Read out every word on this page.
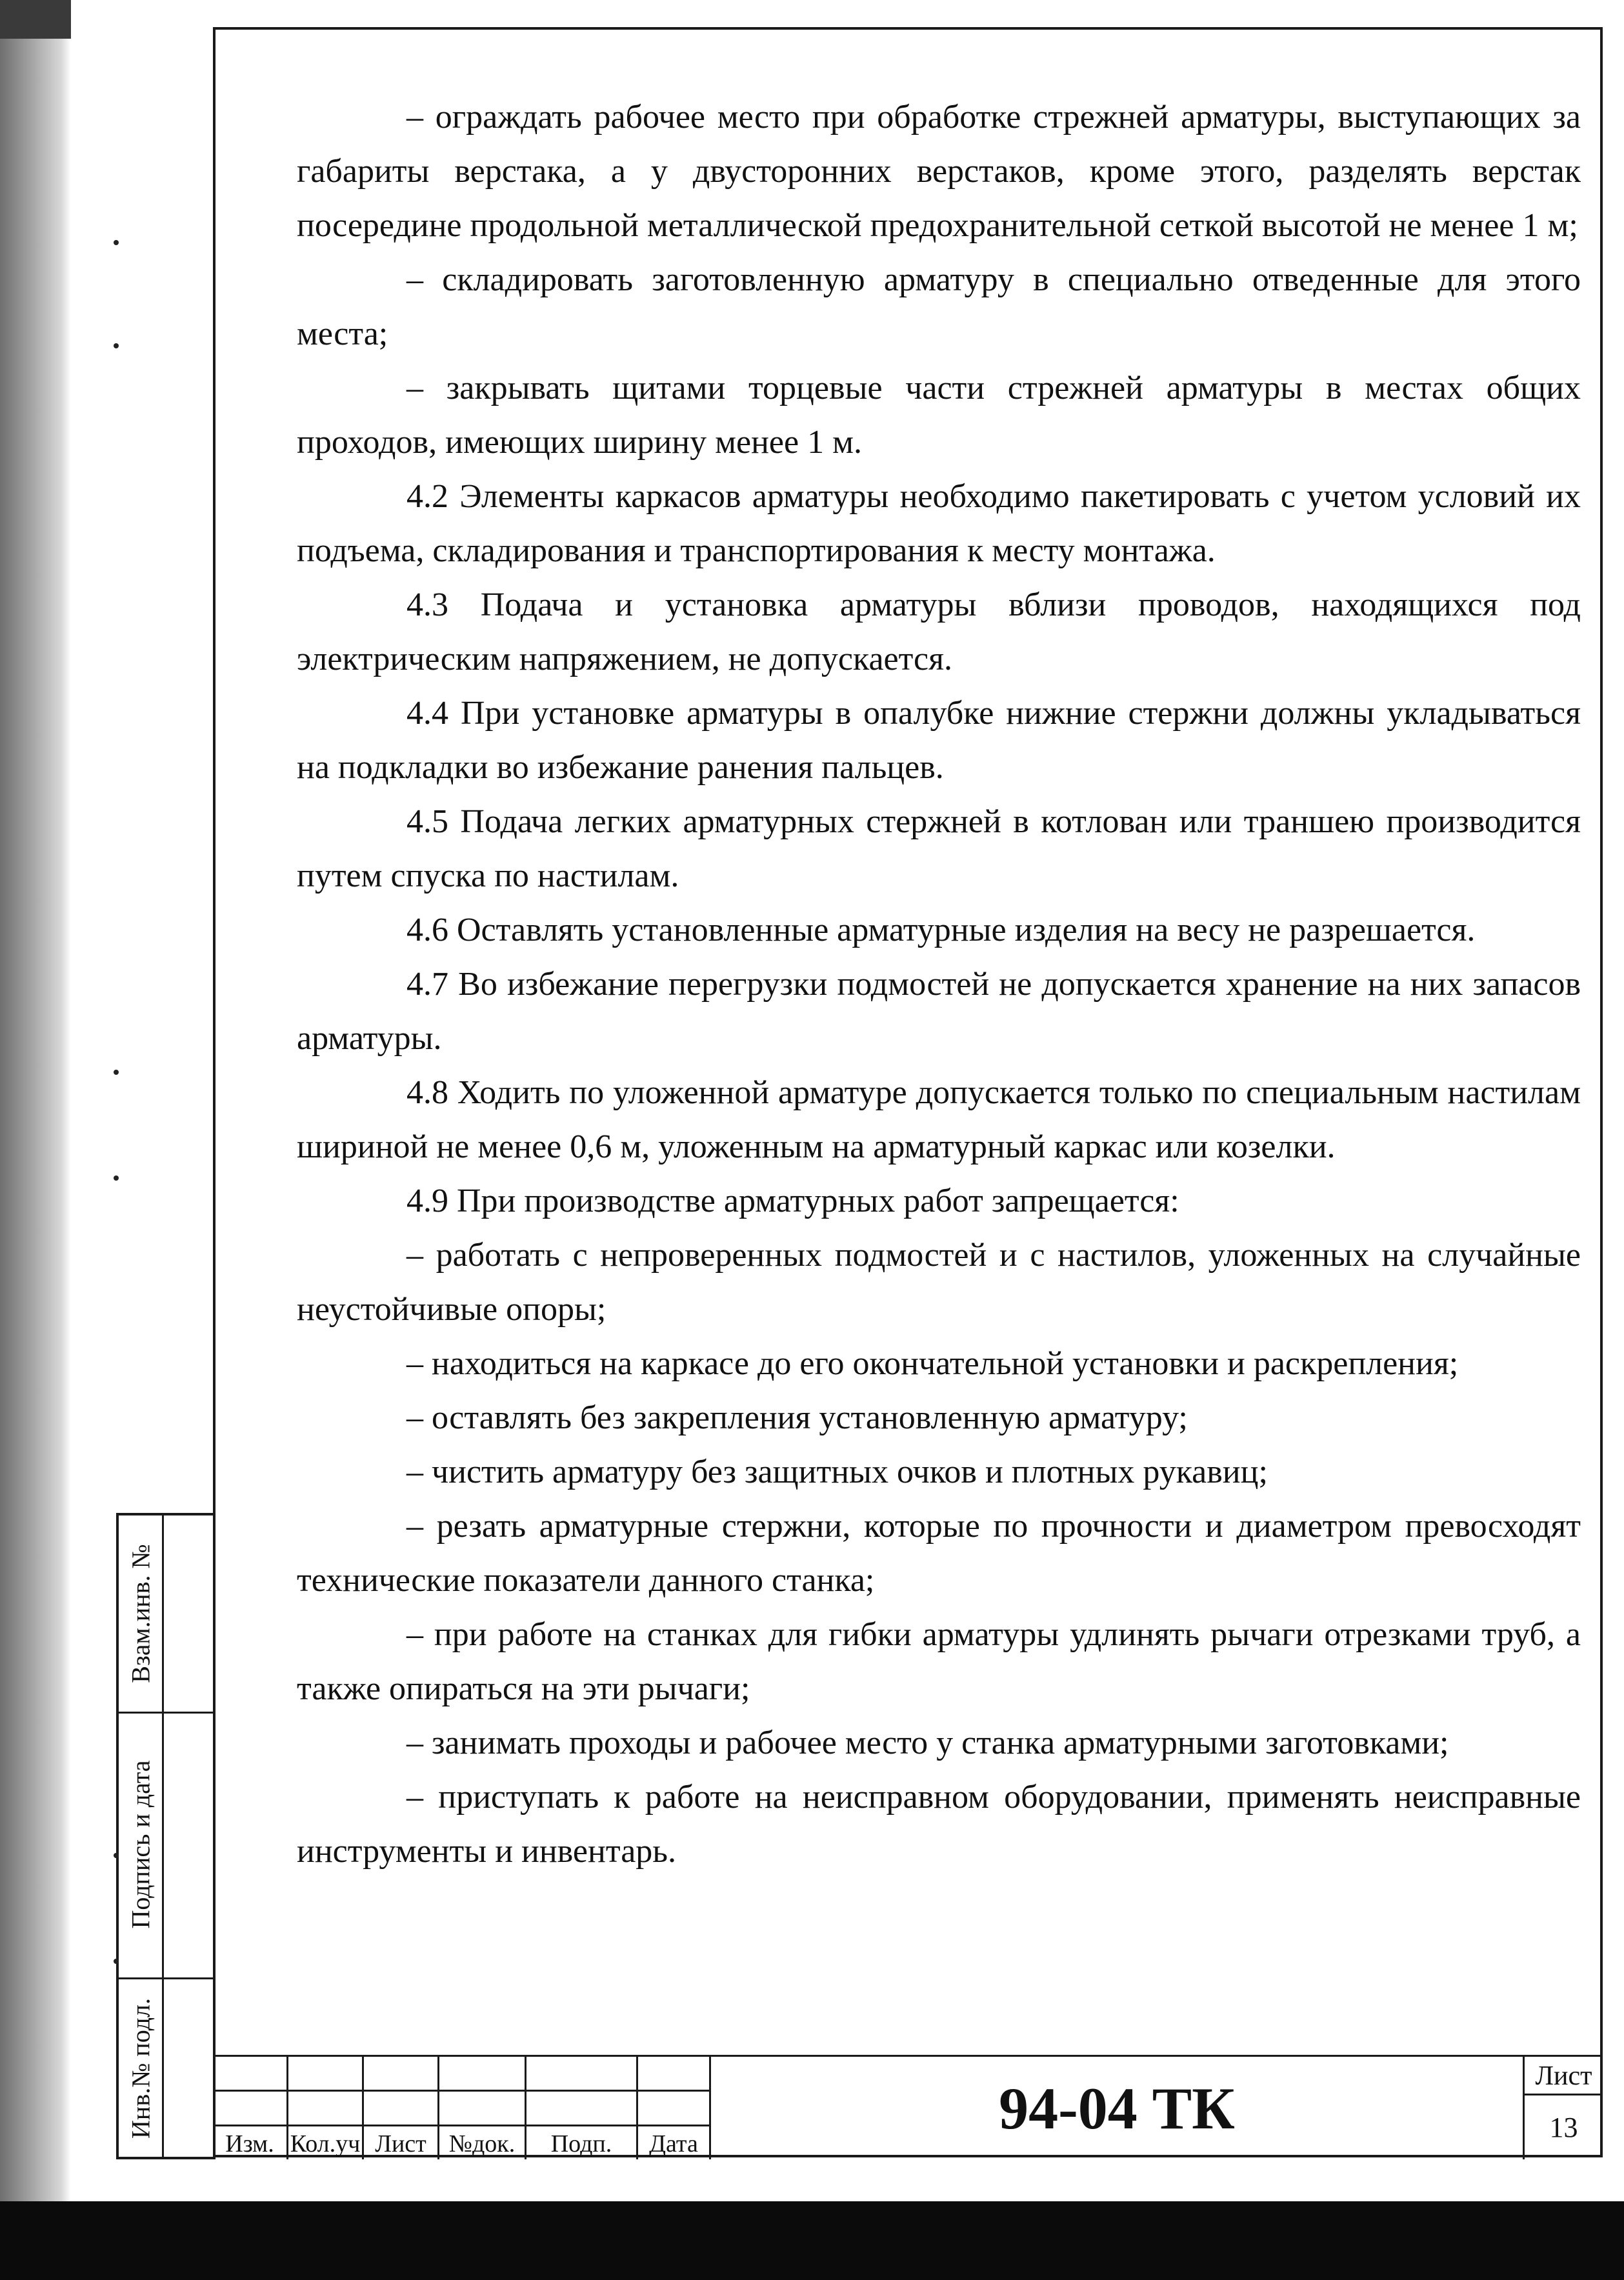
– ограждать рабочее место при обработке стрежней арматуры, выступающих за габариты верстака, а у двусторонних верстаков, кроме этого, разделять верстак посередине продольной металлической предохранительной сеткой высотой не менее 1 м;

– складировать заготовленную арматуру в специально отведенные для этого места;

– закрывать щитами торцевые части стрежней арматуры в местах общих проходов, имеющих ширину менее 1 м.

4.2 Элементы каркасов арматуры необходимо пакетировать с учетом условий их подъема, складирования и транспортирования к месту монтажа.

4.3 Подача и установка арматуры вблизи проводов, находящихся под электрическим напряжением, не допускается.

4.4 При установке арматуры в опалубке нижние стержни должны укладываться на подкладки во избежание ранения пальцев.

4.5 Подача легких арматурных стержней в котлован или траншею производится путем спуска по настилам.

4.6 Оставлять установленные арматурные изделия на весу не разрешается.

4.7 Во избежание перегрузки подмостей не допускается хранение на них запасов арматуры.

4.8 Ходить по уложенной арматуре допускается только по специальным настилам шириной не менее 0,6 м, уложенным на арматурный каркас или козелки.

4.9 При производстве арматурных работ запрещается:

– работать с непроверенных подмостей и с настилов, уложенных на случайные неустойчивые опоры;

– находиться на каркасе до его окончательной установки и раскрепления;

– оставлять без закрепления установленную арматуру;

– чистить арматуру без защитных очков и плотных рукавиц;

– резать арматурные стержни, которые по прочности и диаметром превосходят технические показатели данного станка;

– при работе на станках для гибки арматуры удлинять рычаги отрезками труб, а также опираться на эти рычаги;

– занимать проходы и рабочее место у станка арматурными заготовками;

– приступать к работе на неисправном оборудовании, применять неисправные инструменты и инвентарь.

Взам.инв. №
Подпись и дата
Инв.№ подл.
Изм. Кол.уч Лист №док.	Подп.	Дата
94-04 ТК	Лист
13
